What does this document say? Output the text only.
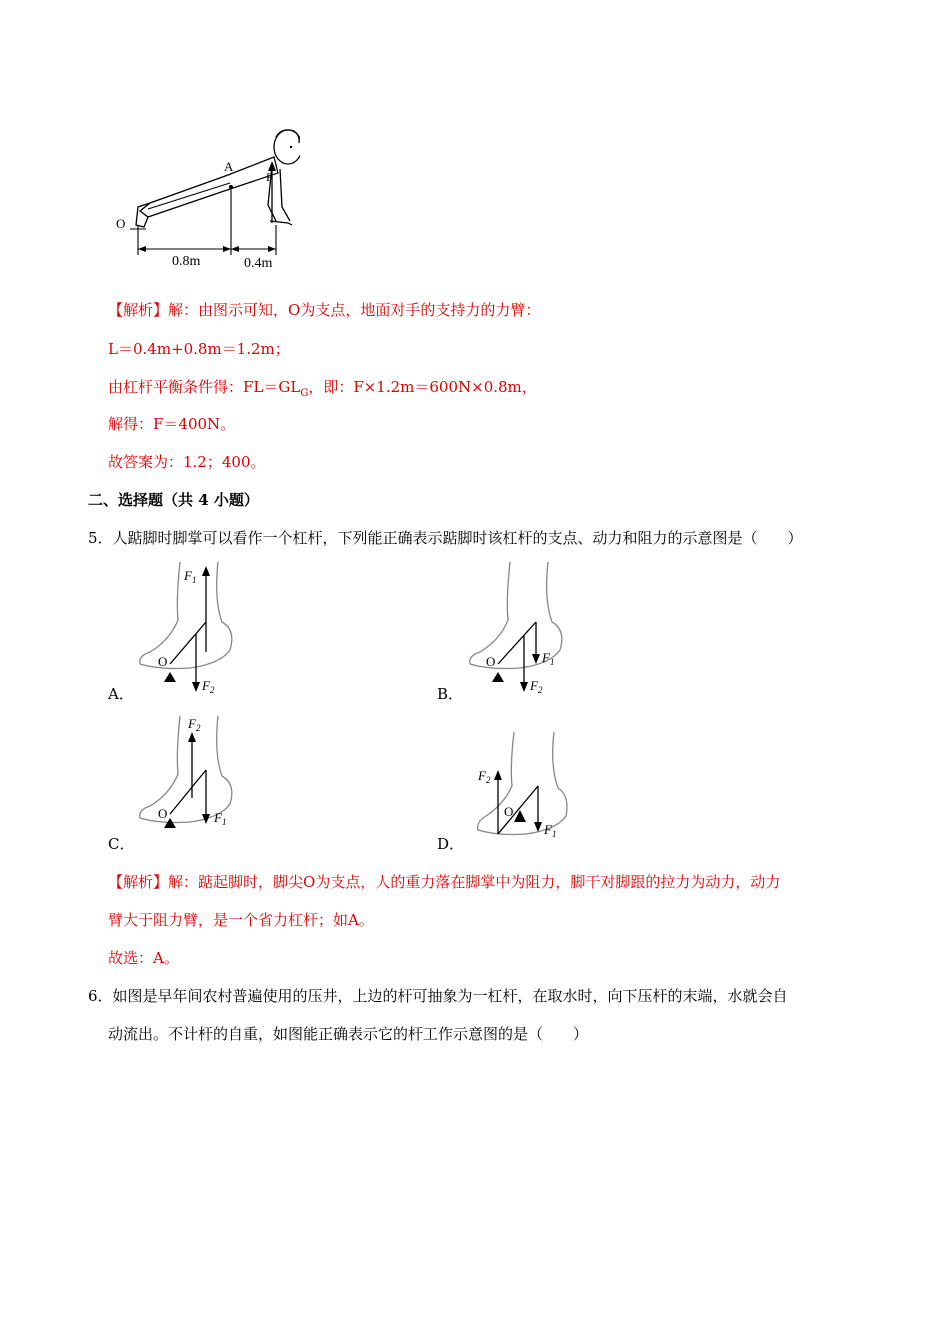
A
O
F
0.8m	0.4m
【解析】解：由图示可知，O为支点，地面对手的支持力的力臂：
L＝0.4m+0.8m＝1.2m；
由杠杆平衡条件得：$FL=GL_G$，即：F×1.2m＝600N×0.8m，
解得：F＝400N。
故答案为：1.2；400。
二、选择题（共 4 小题）
5．人踮脚时脚掌可以看作一个杠杆，下列能正确表示踮脚时该杠杆的支点、动力和阻力的示意图是（　　）
$F_1$
$F_2$
O
A．
$F_1$
$F_2$
O
B．
$F_2$
$F_1$
O
C．
$F_2$
$F_1$
O
D．
【解析】解：踮起脚时，脚尖O为支点，人的重力落在脚掌中为阻力，脚干对脚跟的拉力为动力，动力
臂大于阻力臂，是一个省力杠杆；如A。
故选：A。
6．如图是早年间农村普遍使用的压井，上边的杆可抽象为一杠杆，在取水时，向下压杆的末端，水就会自
动流出。不计杆的自重，如图能正确表示它的杆工作示意图的是（　　）
